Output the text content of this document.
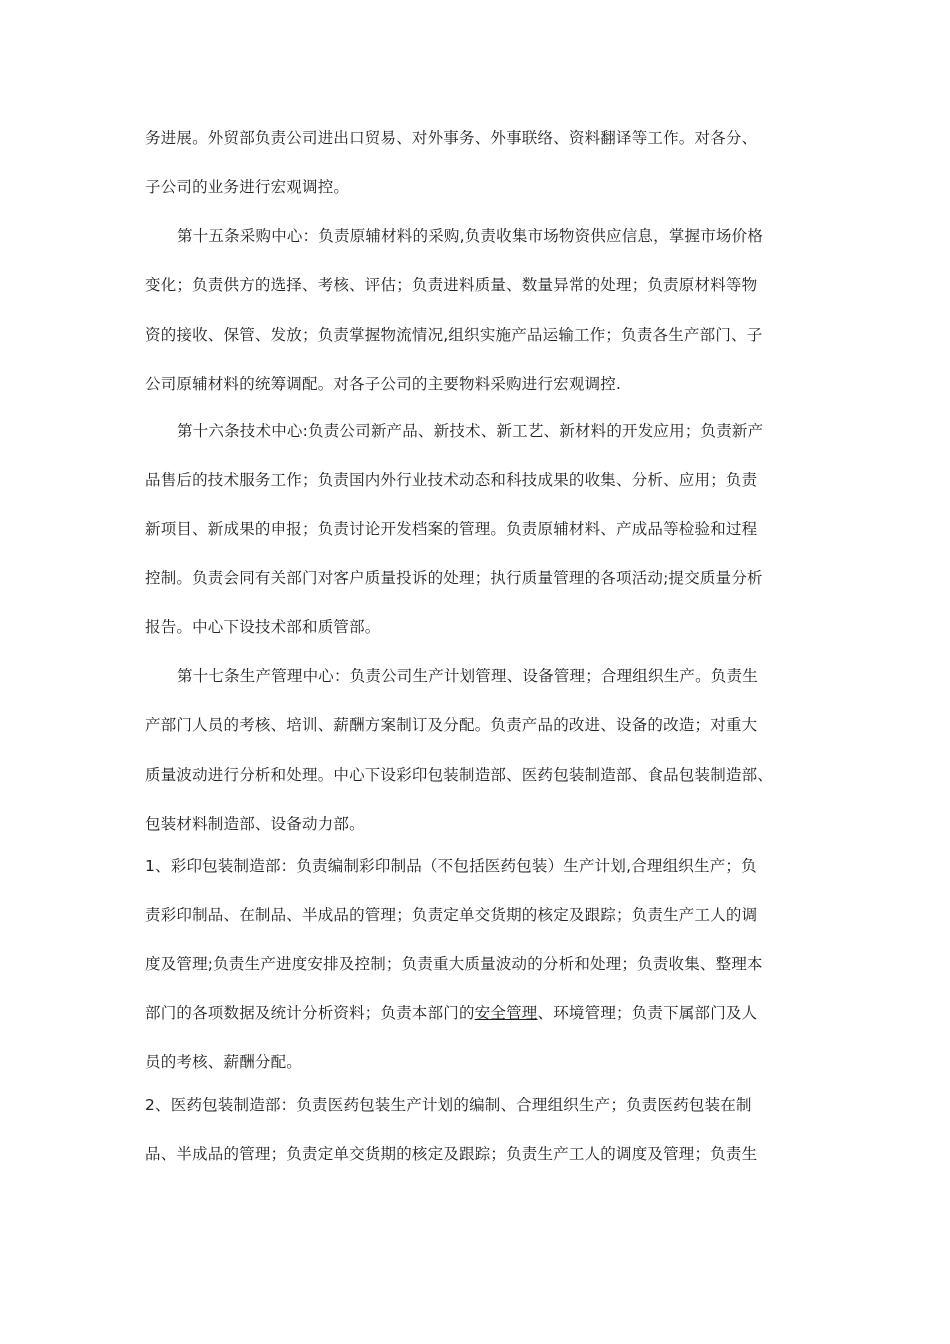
务进展。外贸部负责公司进出口贸易、对外事务、外事联络、资料翻译等工作。对各分、
子公司的业务进行宏观调控。
第十五条采购中心：负责原辅材料的采购,负责收集市场物资供应信息，掌握市场价格
变化；负责供方的选择、考核、评估；负责进料质量、数量异常的处理；负责原材料等物
资的接收、保管、发放；负责掌握物流情况,组织实施产品运输工作；负责各生产部门、子
公司原辅材料的统筹调配。对各子公司的主要物料采购进行宏观调控.
第十六条技术中心:负责公司新产品、新技术、新工艺、新材料的开发应用；负责新产
品售后的技术服务工作；负责国内外行业技术动态和科技成果的收集、分析、应用；负责
新项目、新成果的申报；负责讨论开发档案的管理。负责原辅材料、产成品等检验和过程
控制。负责会同有关部门对客户质量投诉的处理；执行质量管理的各项活动;提交质量分析
报告。中心下设技术部和质管部。
第十七条生产管理中心：负责公司生产计划管理、设备管理；合理组织生产。负责生
产部门人员的考核、培训、薪酬方案制订及分配。负责产品的改进、设备的改造；对重大
质量波动进行分析和处理。中心下设彩印包装制造部、医药包装制造部、食品包装制造部、
包装材料制造部、设备动力部。
1、彩印包装制造部：负责编制彩印制品（不包括医药包装）生产计划,合理组织生产；负
责彩印制品、在制品、半成品的管理；负责定单交货期的核定及跟踪；负责生产工人的调
度及管理;负责生产进度安排及控制；负责重大质量波动的分析和处理；负责收集、整理本
部门的各项数据及统计分析资料；负责本部门的安全管理、环境管理；负责下属部门及人
员的考核、薪酬分配。
2、医药包装制造部：负责医药包装生产计划的编制、合理组织生产；负责医药包装在制
品、半成品的管理；负责定单交货期的核定及跟踪；负责生产工人的调度及管理；负责生
